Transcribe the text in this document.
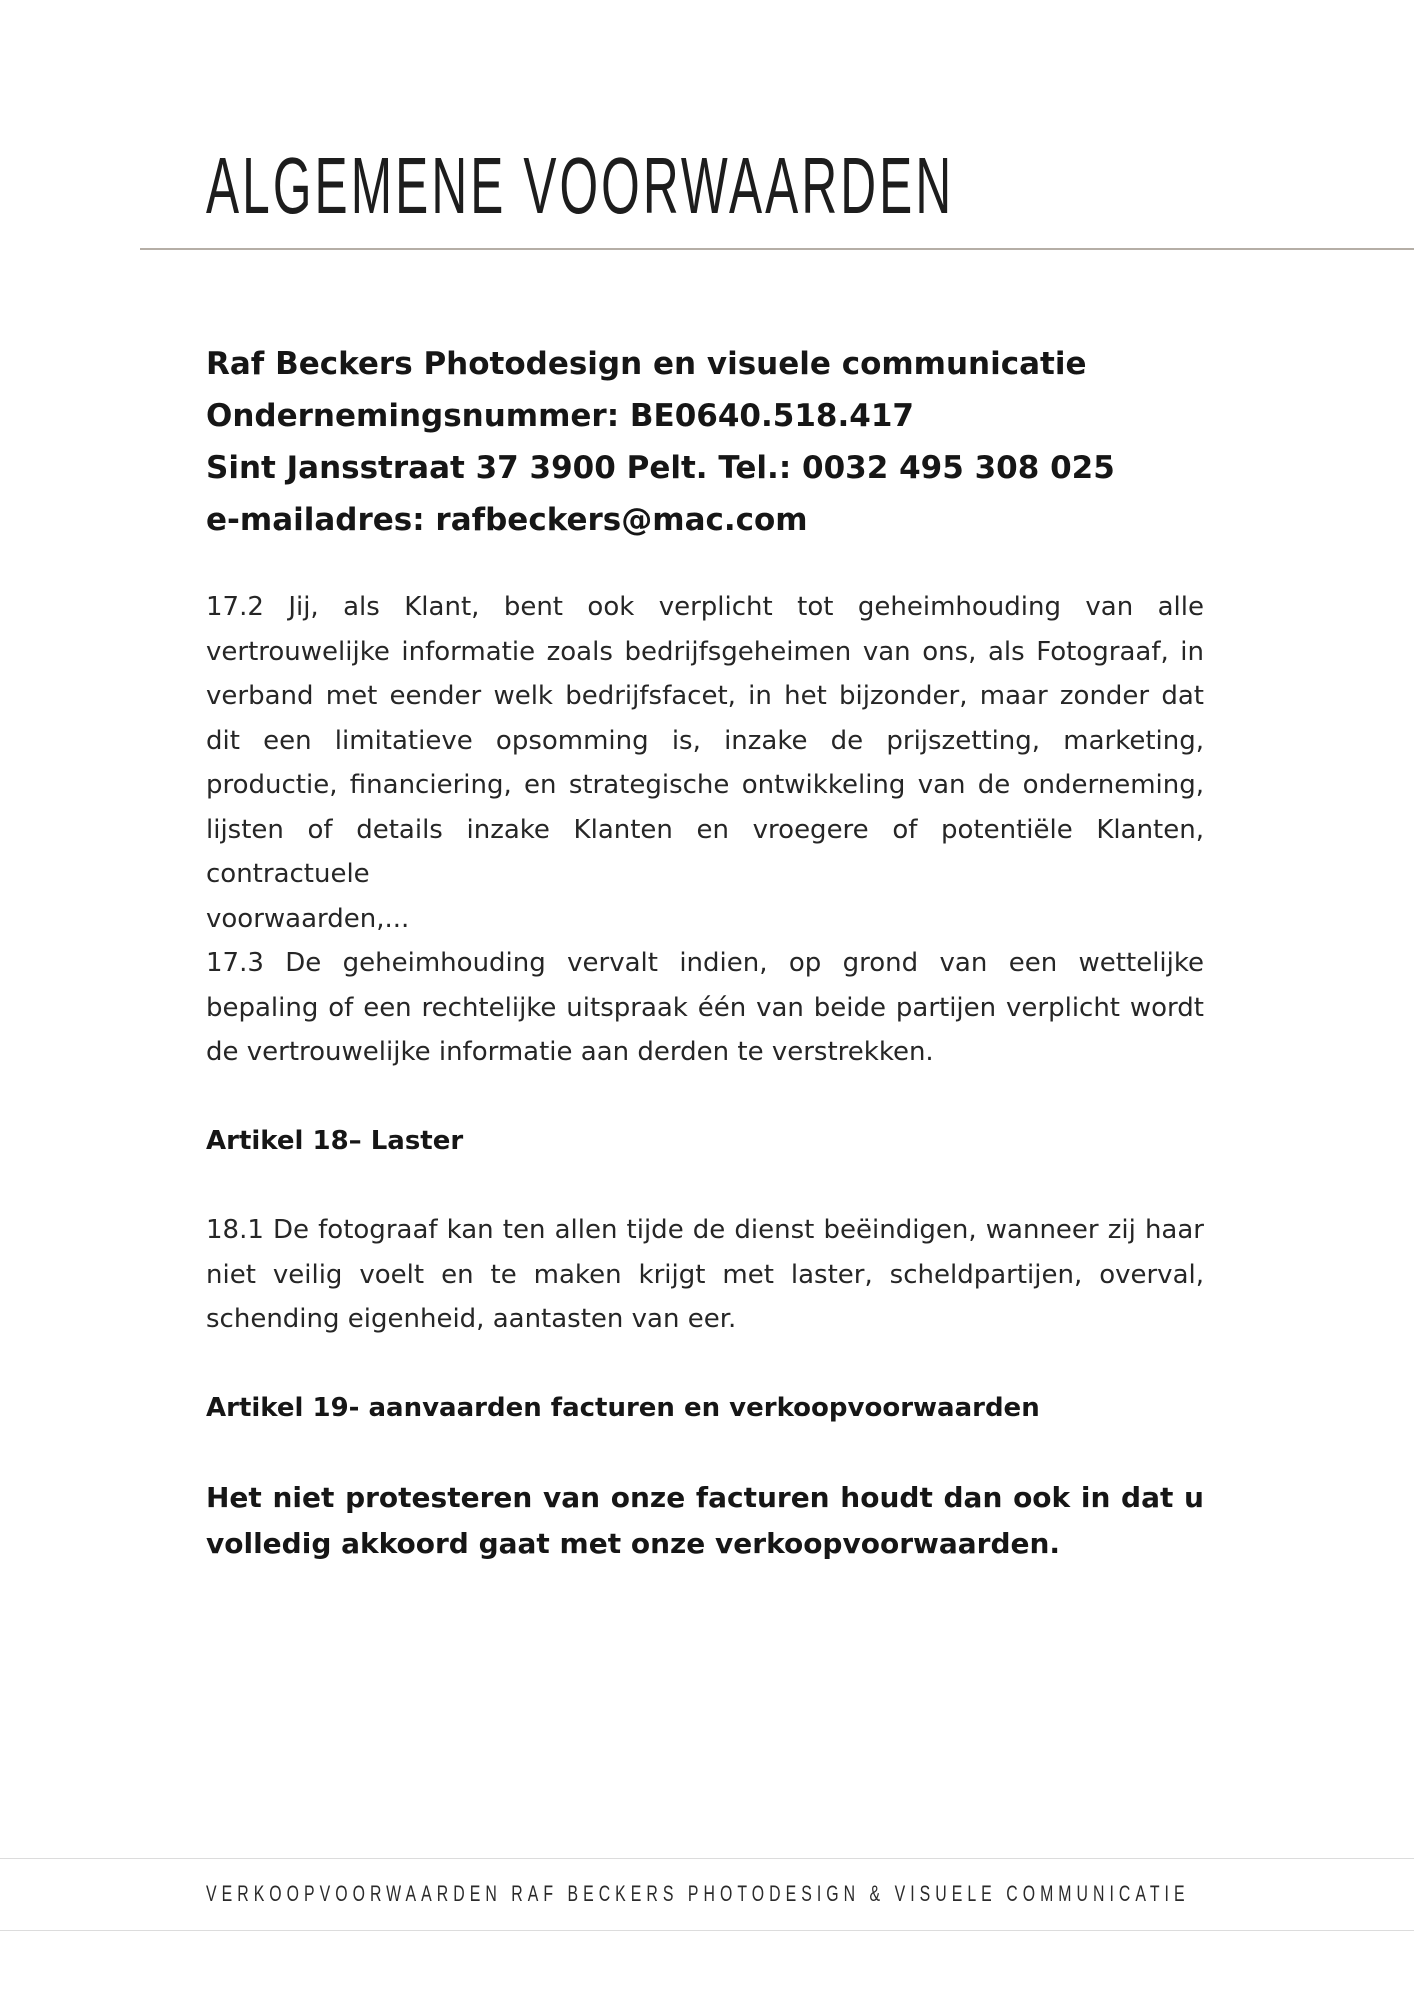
ALGEMENE VOORWAARDEN
Raf Beckers Photodesign en visuele communicatie
Ondernemingsnummer: BE0640.518.417
Sint Jansstraat 37 3900 Pelt. Tel.: 0032 495 308 025
e-mailadres: rafbeckers@mac.com

17.2 Jij, als Klant, bent ook verplicht tot geheimhouding van alle vertrouwelijke informatie zoals bedrijfsgeheimen van ons, als Fotograaf, in verband met eender welk bedrijfsfacet, in het bijzonder, maar zonder dat dit een limitatieve opsomming is, inzake de prijszetting, marketing, productie, financiering, en strategische ontwikkeling van de onderneming, lijsten of details inzake Klanten en vroegere of potentiële Klanten, contractuele

voorwaarden,...

17.3 De geheimhouding vervalt indien, op grond van een wettelijke bepaling of een rechtelijke uitspraak één van beide partijen verplicht wordt de vertrouwelijke informatie aan derden te verstrekken.

Artikel 18– Laster

18.1 De fotograaf kan ten allen tijde de dienst beëindigen, wanneer zij haar niet veilig voelt en te maken krijgt met laster, scheldpartijen, overval, schending eigenheid, aantasten van eer.

Artikel 19- aanvaarden facturen en verkoopvoorwaarden

Het niet protesteren van onze facturen houdt dan ook in dat u volledig akkoord gaat met onze verkoopvoorwaarden.

VERKOOPVOORWAARDEN RAF BECKERS PHOTODESIGN & VISUELE COMMUNICATIE
